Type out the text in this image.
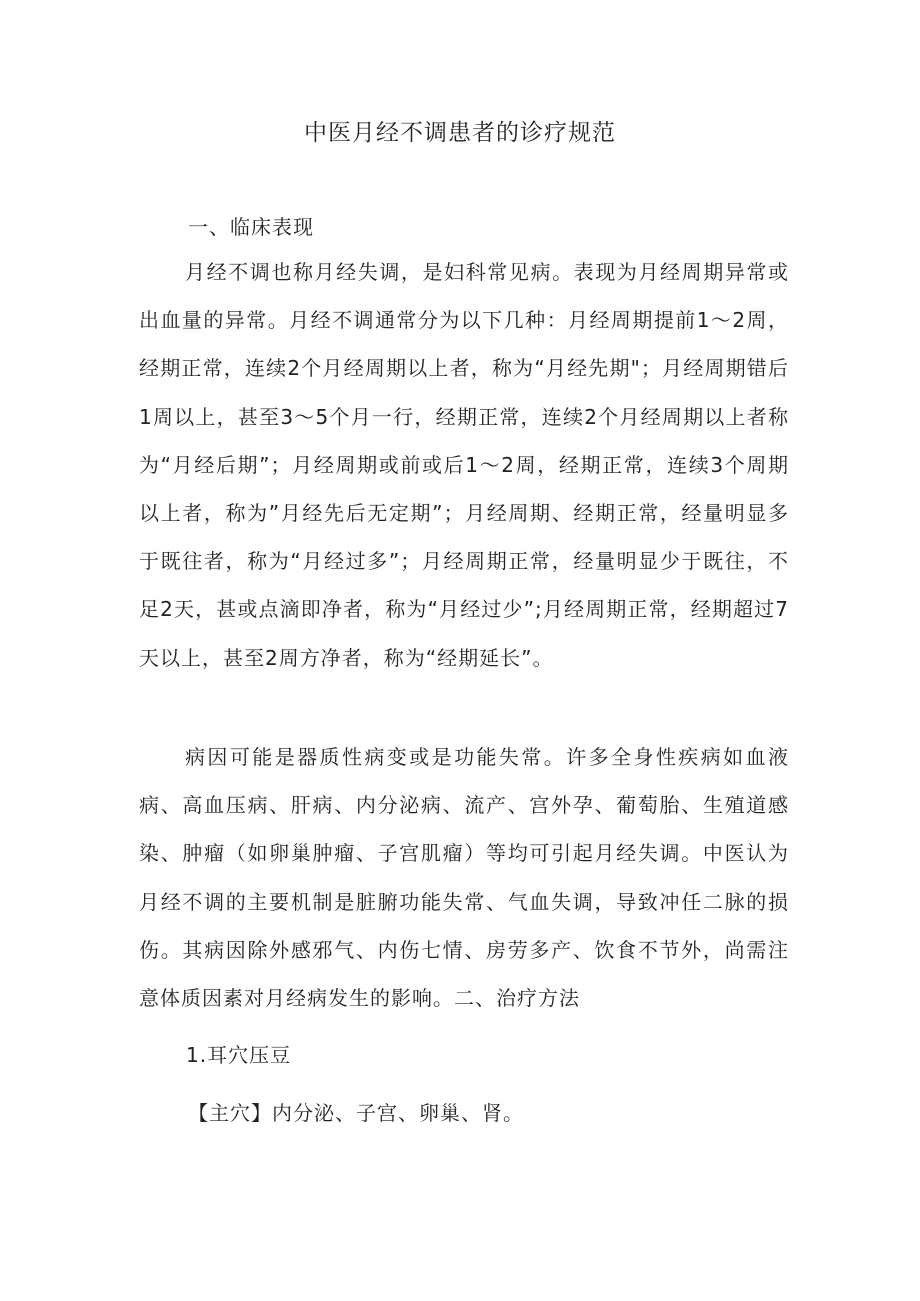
中医月经不调患者的诊疗规范
一、临床表现

月经不调也称月经失调，是妇科常见病。表现为月经周期异常或出血量的异常。月经不调通常分为以下几种：月经周期提前1～2周，经期正常，连续2个月经周期以上者，称为“月经先期"；月经周期错后1周以上，甚至3～5个月一行，经期正常，连续2个月经周期以上者称为“月经后期”；月经周期或前或后1～2周，经期正常，连续3个周期以上者，称为”月经先后无定期”；月经周期、经期正常，经量明显多于既往者，称为“月经过多”；月经周期正常，经量明显少于既往，不足2天，甚或点滴即净者，称为“月经过少”;月经周期正常，经期超过7天以上，甚至2周方净者，称为“经期延长”。

病因可能是器质性病变或是功能失常。许多全身性疾病如血液病、高血压病、肝病、内分泌病、流产、宫外孕、葡萄胎、生殖道感染、肿瘤（如卵巢肿瘤、子宫肌瘤）等均可引起月经失调。中医认为月经不调的主要机制是脏腑功能失常、气血失调，导致冲任二脉的损伤。其病因除外感邪气、内伤七情、房劳多产、饮食不节外，尚需注意体质因素对月经病发生的影响。二、治疗方法

1.耳穴压豆

【主穴】内分泌、子宫、卵巢、肾。
